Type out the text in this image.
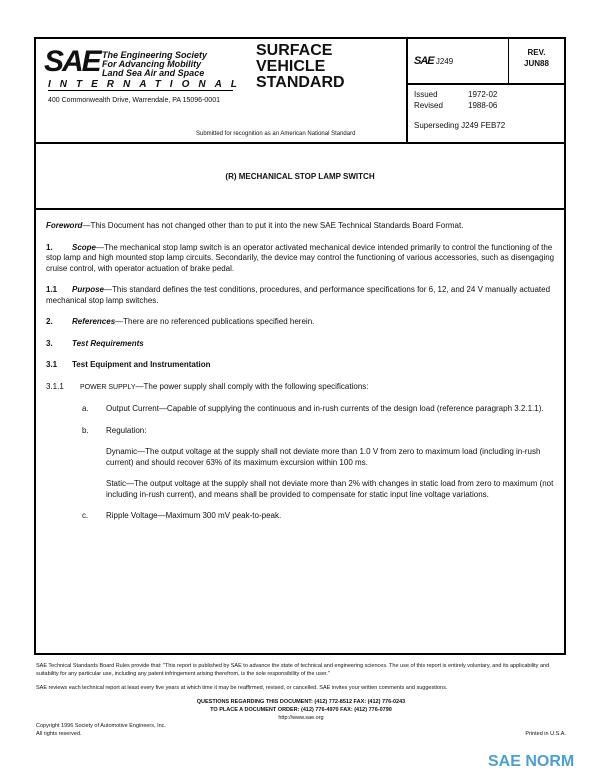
SAE The Engineering Society
For Advancing Mobility
Land Sea Air and Space
INTERNATIONAL
400 Commonwealth Drive, Warrendale, PA 15096-0001
SURFACE
VEHICLE
STANDARD
Submitted for recognition as an American National Standard
SAE J249
REV.
JUN88
Issued	1972-02
Revised	1988-06
Superseding J249 FEB72
(R) MECHANICAL STOP LAMP SWITCH
Foreword—This Document has not changed other than to put it into the new SAE Technical Standards Board Format.
1. Scope—The mechanical stop lamp switch is an operator activated mechanical device intended primarily to control the functioning of the stop lamp and high mounted stop lamp circuits. Secondarily, the device may control the functioning of various accessories, such as disengaging cruise control, with operator actuation of brake pedal.
1.1 Purpose—This standard defines the test conditions, procedures, and performance specifications for 6, 12, and 24 V manually actuated mechanical stop lamp switches.
2. References—There are no referenced publications specified herein.
3. Test Requirements
3.1 Test Equipment and Instrumentation
3.1.1 POWER SUPPLY—The power supply shall comply with the following specifications:
a.	Output Current—Capable of supplying the continuous and in-rush currents of the design load (reference paragraph 3.2.1.1).
b.	Regulation:
Dynamic—The output voltage at the supply shall not deviate more than 1.0 V from zero to maximum load (including in-rush current) and should recover 63% of its maximum excursion within 100 ms.
Static—The output voltage at the supply shall not deviate more than 2% with changes in static load from zero to maximum (not including in-rush current), and means shall be provided to compensate for static input line voltage variations.
c.	Ripple Voltage—Maximum 300 mV peak-to-peak.
SAE Technical Standards Board Rules provide that: "This report is published by SAE to advance the state of technical and engineering sciences. The use of this report is entirely voluntary, and its applicability and suitability for any particular use, including any patent infringement arising therefrom, is the sole responsibility of the user."
SAE reviews each technical report at least every five years at which time it may be reaffirmed, revised, or cancelled. SAE invites your written comments and suggestions.
QUESTIONS REGARDING THIS DOCUMENT: (412) 772-8512 FAX: (412) 776-0243
TO PLACE A DOCUMENT ORDER: (412) 776-4970 FAX: (412) 776-0790
http://www.sae.org
Copyright 1996 Society of Automotive Engineers, Inc.
All rights reserved.	Printed in U.S.A.
SAE NORM
